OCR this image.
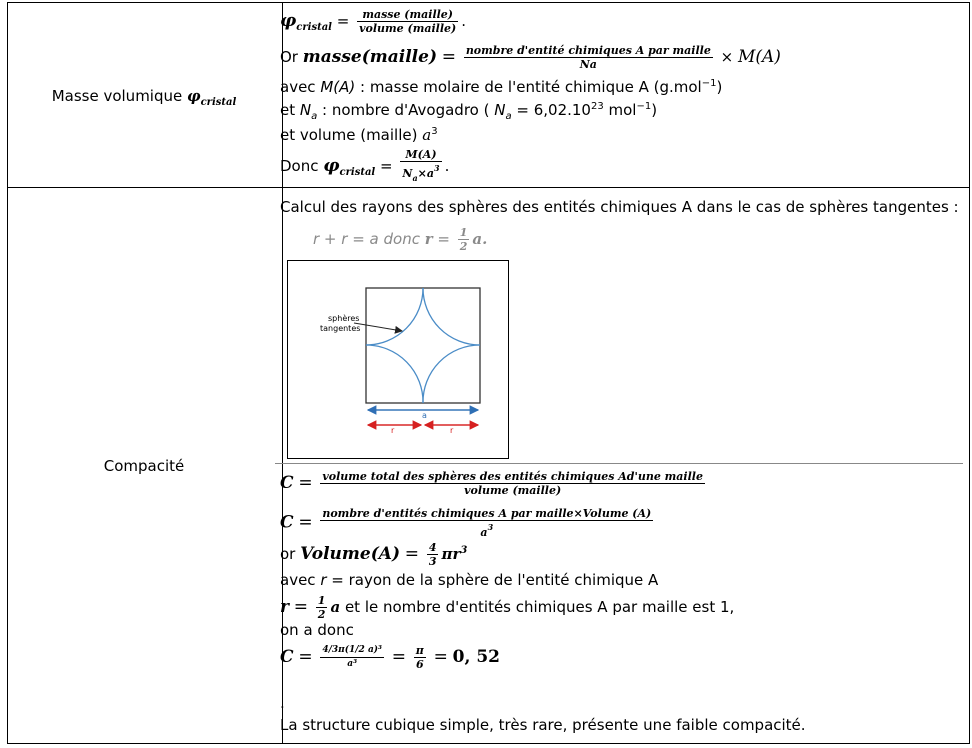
Masse volumique $\varphi_{cristal}$
$\varphi_{cristal} = \frac{\text{masse (maille)}}{\text{volume (maille)}}$ .
Or masse(maille) = $\frac{\text{nombre d'entité chimiques A par maille}}{Na} \times M(A)$
avec M(A) : masse molaire de l'entité chimique A (g.mol$^{-1}$)
et $N_a$ : nombre d'Avogadro ( $N_a = 6,02.10^{23}$ mol$^{-1}$)
et volume (maille) $a^3$
Donc $\varphi_{cristal} = \frac{M(A)}{N_a\times a^3}$ .
Compacité
Calcul des rayons des sphères des entités chimiques A dans le cas de sphères tangentes :
r + r = a donc $r = \frac{1}{2} a$.
sphères
tangentes
a
r	r
$C = \frac{\text{volume total des sphères des entités chimiques Ad'une maille}}{\text{volume (maille)}}$
$C = \frac{\text{nombre d'entités chimiques A par maille×Volume (A)}}{a^3}$
or Volume(A) = $\frac{4}{3} \pi r^3$
avec r = rayon de la sphère de l'entité chimique A
$r = \frac{1}{2}$ a et le nombre d'entités chimiques A par maille est 1,
on a donc
$C = \frac{\text{4/3π(1/2 a)³}}{\text{a³}} = \frac{\pi}{6} = 0$, 52
.
La structure cubique simple, très rare, présente une faible compacité.
